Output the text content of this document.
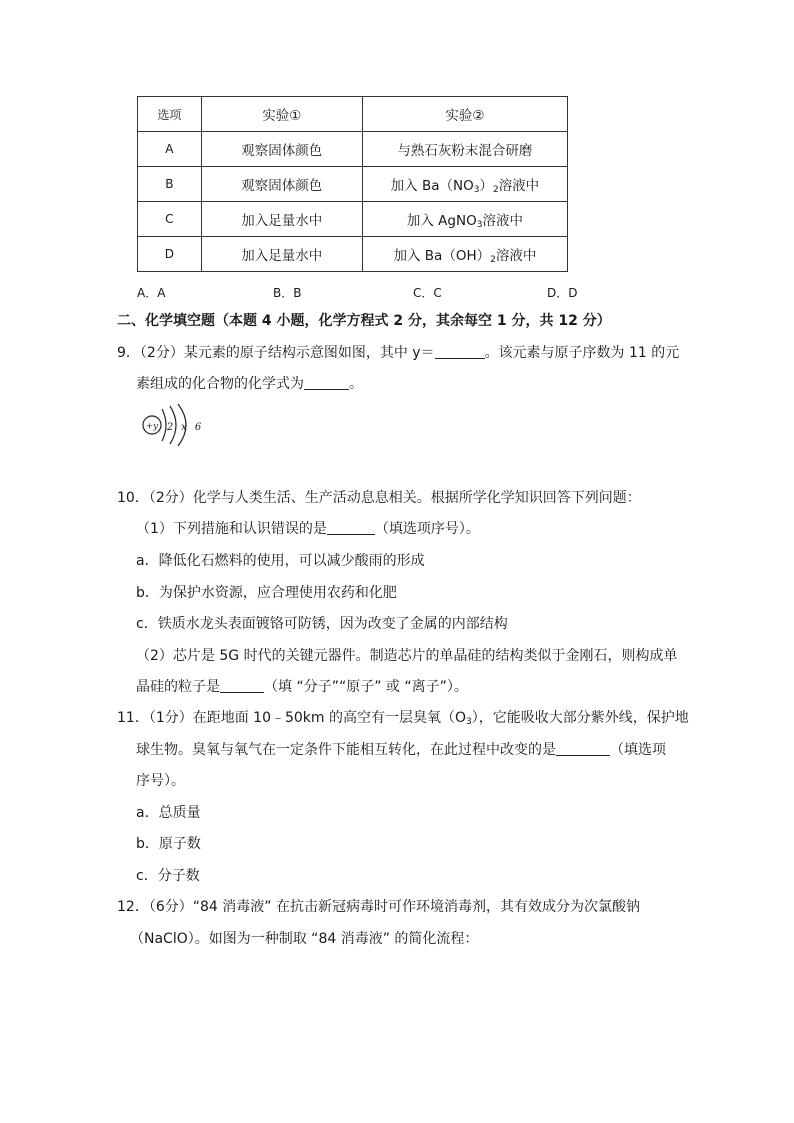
选项	实验①	实验②
A	观察固体颜色	与熟石灰粉末混合研磨
B	观察固体颜色	加入 $Ba(NO_3)_2$溶液中
C	加入足量水中	加入 AgNO$_3$溶液中
D	加入足量水中	加入 $Ba(OH)_2$溶液中
A．A	B．B	C．C	D．D
二、化学填空题（本题 4 小题，化学方程式 2 分，其余每空 1 分，共 12 分）
9．（2分）某元素的原子结构示意图如图，其中 y＝	。该元素与原子序数为 11 的元
素组成的化合物的化学式为	。
+y 2 x 6
10．（2分）化学与人类生活、生产活动息息相关。根据所学化学知识回答下列问题：
（1）下列措施和认识错误的是	（填选项序号）。
a．降低化石燃料的使用，可以减少酸雨的形成
b．为保护水资源，应合理使用农药和化肥
c．铁质水龙头表面镀铬可防锈，因为改变了金属的内部结构
（2）芯片是 5G 时代的关键元器件。制造芯片的单晶硅的结构类似于金刚石，则构成单
晶硅的粒子是	（填 “分子”“原子” 或 “离子”）。
11．（1分）在距地面 10﹣50km 的高空有一层臭氧$(O_3)$，它能吸收大部分紫外线，保护地
球生物。臭氧与氧气在一定条件下能相互转化，在此过程中改变的是	（填选项
序号）。
a．总质量
b．原子数
c．分子数
12．（6分）“84 消毒液” 在抗击新冠病毒时可作环境消毒剂，其有效成分为次氯酸钠
（NaClO）。如图为一种制取 “84 消毒液” 的简化流程：
